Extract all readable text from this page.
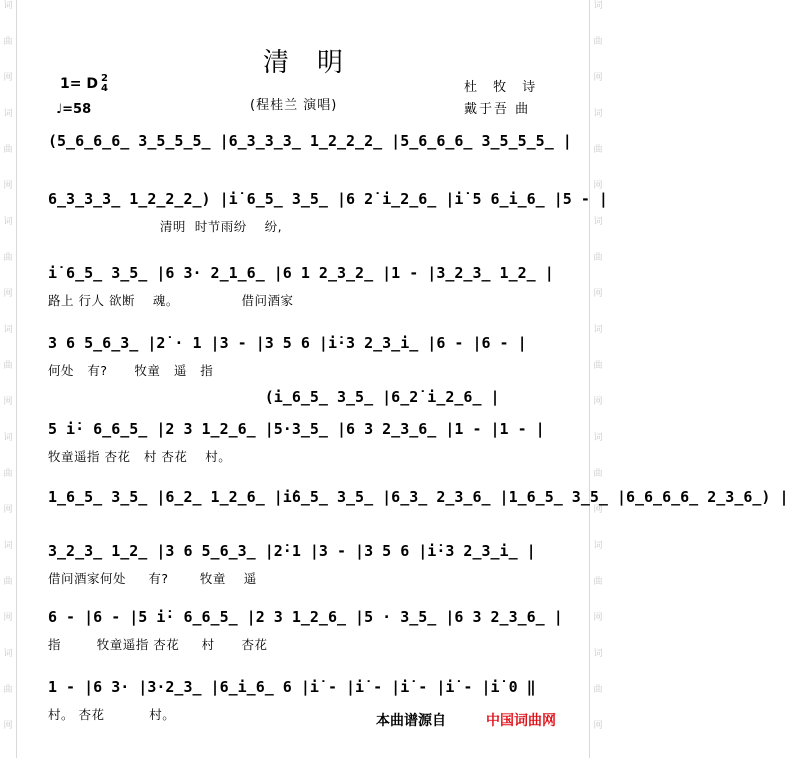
词
曲
网
词
曲
网
词
曲
网
词
曲
网
词
曲
网
词
曲
网
词
曲
网
词
曲
网
词
曲
网
词
曲
网
词
曲
网
词
曲
网
词
曲
网
词
曲
网
清明
1= D 2
4
♩=58	(程桂兰 演唱)
杜 牧 诗
戴于吾 曲
(5̲6̲6̲6̲ 3̲5̲5̲5̲ |6̲3̲3̲3̲ 1̲2̲2̲2̲ |5̲6̲6̲6̲ 3̲5̲5̲5̲ |
6̲3̲3̲3̲ 1̲2̲2̲2̲) |i̇ 6̲5̲ 3̲5̲ |6 2̇ i̲2̲6̲ |i̇ 5 6̲i̲6̲ |5 - |
清明  时节雨纷    纷,
i̇ 6̲5̲ 3̲5̲ |6 3· 2̲1̲6̲ |6 1 2̲3̲2̲ |1 - |3̲2̲3̲ 1̲2̲ |
路上 行人 欲断    魂。              借问酒家
3 6 5̲6̲3̲ |2̇ · 1 |3 - |3 5 6 |i̇·3 2̲3̲i̲ |6 - |6 - |
何处   有?      牧童   遥   指
(i̲6̲5̲ 3̲5̲ |6̲2̇ i̲2̲6̲ |
5 i̇· 6̲6̲5̲ |2 3 1̲2̲6̲ |5·3̲5̲ |6 3 2̲3̲6̲ |1 - |1 - |
牧童遥指 杏花   村 杏花    村。
1̲6̲5̲ 3̲5̲ |6̲2̲ 1̲2̲6̲ |i̇6̲5̲ 3̲5̲ |6̲3̲ 2̲3̲6̲ |1̲6̲5̲ 3̲5̲ |6̲6̲6̲6̲ 2̲3̲6̲) |
3̲2̲3̲ 1̲2̲ |3 6 5̲6̲3̲ |2̇·1 |3 - |3 5 6 |i̇·3 2̲3̲i̲ |
借问酒家何处     有?       牧童    遥
6 - |6 - |5 i̇· 6̲6̲5̲ |2 3 1̲2̲6̲ |5 · 3̲5̲ |6 3 2̲3̲6̲ |
指        牧童遥指 杏花     村      杏花
1 - |6 3· |3·2̲3̲ |6̲i̲6̲ 6 |i̇ - |i̇ - |i̇ - |i̇ - |i̇ 0 ‖
村。 杏花          村。	本曲谱源自	中国词曲网
